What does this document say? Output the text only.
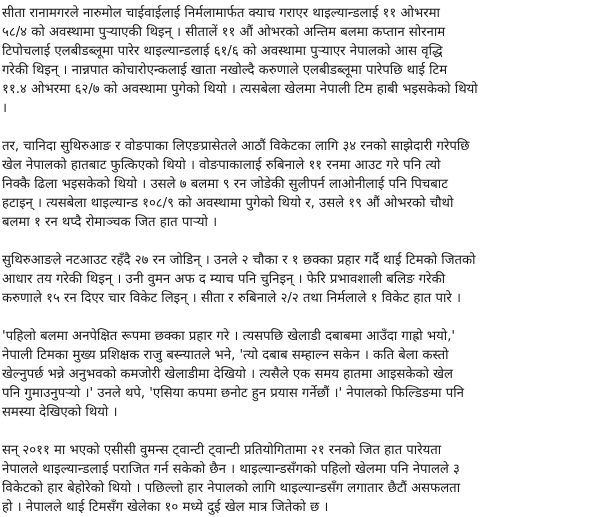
सीता रानामगरले नारुमोल चाईवाईलाई निर्मलामार्फत क्याच गराएर थाइल्यान्डलाई ११ ओभरमा
५८/४ को अवस्थामा पुऱ्याएकी थिइन् । सीतालें ११ औं ओभरको अन्तिम बलमा कप्तान सोरनाम
टिपोचलाई एलबीडब्लूमा पारेर थाइल्यान्डलाई ६१/६ को अवस्थामा पुऱ्याएर नेपालको आस वृद्धि
गरेकी थिइन् । नान्नपात कोचारोएन्कलाई खाता नखोल्दै करुणाले एलबीडब्लूमा पारेपछि थाई टिम
११.४ ओभरमा ६२/७ को अवस्थामा पुगेको थियो । त्यसबेला खेलमा नेपाली टिम हाबी भइसकेको थियो
।
तर, चानिदा सुथिरुआङ र वोङपाका लिएङप्रासेतले आठौं विकेटका लागि ३४ रनको साझेदारी गरेपछि
खेल नेपालको हातबाट फुत्किएको थियो । वोङपाकालाई रुबिनाले ११ रनमा आउट गरे पनि त्यो
निक्कै ढिला भइसकेको थियो । उसले ७ बलमा ९ रन जोडेकी सुलीपर्न लाओनीलाई पनि पिचबाट
हटाइन् । त्यसबेला थाइल्यान्ड १०८/९ को अवस्थामा पुगेको थियो र, उसले १९ औं ओभरको चौथो
बलमा १ रन थप्दै रोमाञ्चक जित हात पाऱ्यो ।
सुथिरुआङले नटआउट रहँदै २७ रन जोडिन् । उनले २ चौका र १ छक्का प्रहार गर्दै थाई टिमको जितको
आधार तय गरेकी थिइन् । उनी वुमन अफ द म्याच पनि चुनिइन् । फेरि प्रभावशाली बलिङ गरेकी
करुणाले १५ रन दिएर चार विकेट लिइन् । सीता र रुबिनाले २/२ तथा निर्मलाले १ विकेट हात पारे ।
'पहिलो बलमा अनपेक्षित रूपमा छक्का प्रहार गरे । त्यसपछि खेलाडी दबाबमा आउँदा गाह्रो भयो,'
नेपाली टिमका मुख्य प्रशिक्षक राजु बस्न्यातले भने, 'त्यो दबाब सम्हाल्न सकेन । कति बेला कस्तो
खेल्नुपर्छ भन्ने अनुभवको कमजोरी खेलाडीमा देखियो । त्यसैले एक समय हातमा आइसकेको खेल
पनि गुमाउनुपऱ्यो ।' उनले थपे, 'एसिया कपमा छनोट हुन प्रयास गर्नेछौं ।' नेपालको फिल्डिङमा पनि
समस्या देखिएको थियो ।
सन् २०११ मा भएको एसीसी वुमन्स ट्वान्टी ट्वान्टी प्रतियोगितामा २१ रनको जित हात पारेयता
नेपालले थाइल्यान्डलाई पराजित गर्न सकेको छैन । थाइल्यान्डसँगको पहिलो खेलमा पनि नेपालले ३
विकेटको हार बेहोरेको थियो । पछिल्लो हार नेपालको लागि थाइल्यान्डसँग लगातार छैटौं असफलता
हो । नेपालले थाई टिमसँग खेलेका १० मध्ये दुई खेल मात्र जितेको छ ।
